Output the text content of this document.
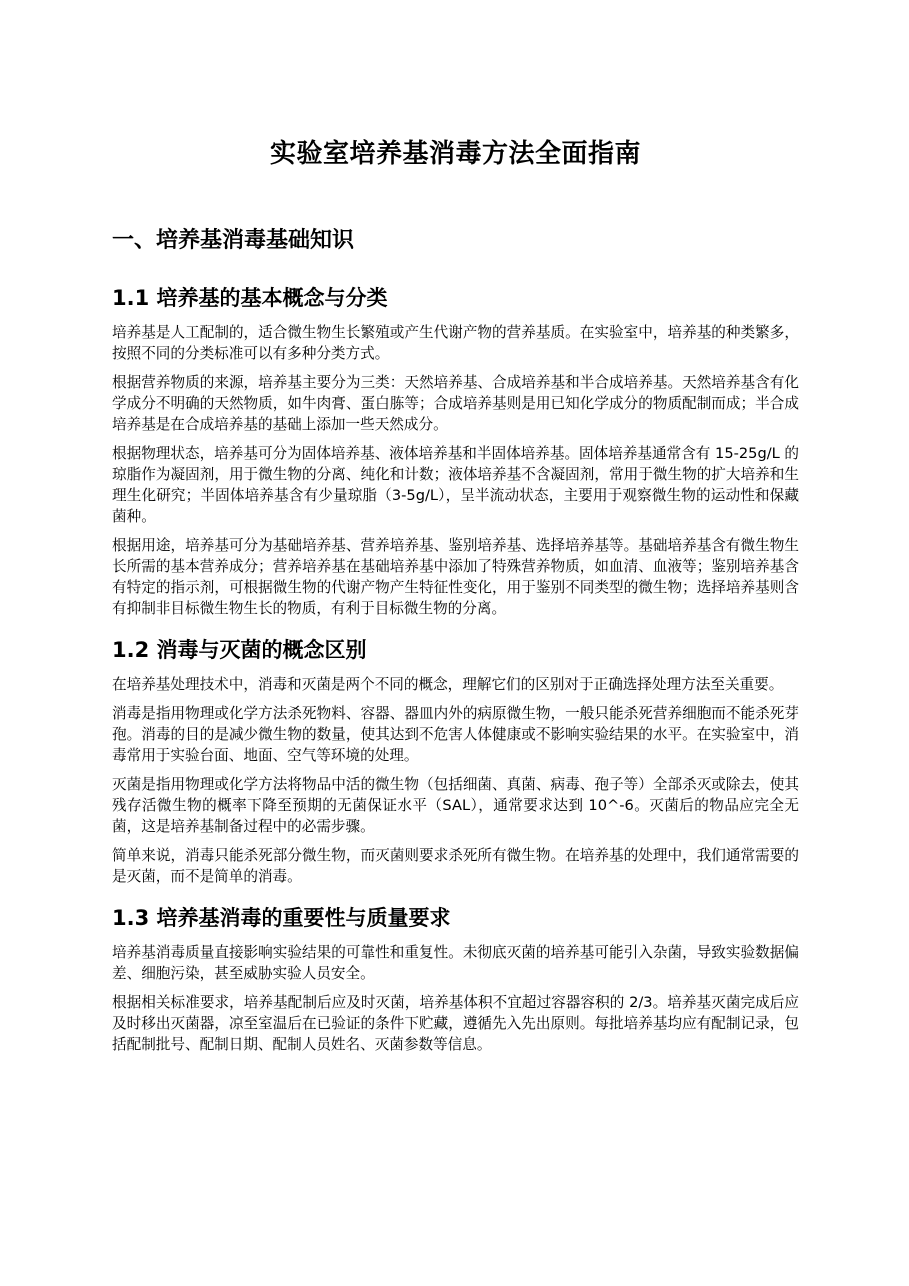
实验室培养基消毒方法全面指南
一、培养基消毒基础知识
1.1 培养基的基本概念与分类

培养基是人工配制的，适合微生物生长繁殖或产生代谢产物的营养基质。在实验室中，培养基的种类繁多，按照不同的分类标准可以有多种分类方式。

根据营养物质的来源，培养基主要分为三类：天然培养基、合成培养基和半合成培养基。天然培养基含有化学成分不明确的天然物质，如牛肉膏、蛋白胨等；合成培养基则是用已知化学成分的物质配制而成；半合成培养基是在合成培养基的基础上添加一些天然成分。

根据物理状态，培养基可分为固体培养基、液体培养基和半固体培养基。固体培养基通常含有 15-25g/L 的琼脂作为凝固剂，用于微生物的分离、纯化和计数；液体培养基不含凝固剂，常用于微生物的扩大培养和生理生化研究；半固体培养基含有少量琼脂（3-5g/L），呈半流动状态，主要用于观察微生物的运动性和保藏菌种。

根据用途，培养基可分为基础培养基、营养培养基、鉴别培养基、选择培养基等。基础培养基含有微生物生长所需的基本营养成分；营养培养基在基础培养基中添加了特殊营养物质，如血清、血液等；鉴别培养基含有特定的指示剂，可根据微生物的代谢产物产生特征性变化，用于鉴别不同类型的微生物；选择培养基则含有抑制非目标微生物生长的物质，有利于目标微生物的分离。

1.2 消毒与灭菌的概念区别

在培养基处理技术中，消毒和灭菌是两个不同的概念，理解它们的区别对于正确选择处理方法至关重要。

消毒是指用物理或化学方法杀死物料、容器、器皿内外的病原微生物，一般只能杀死营养细胞而不能杀死芽孢。消毒的目的是减少微生物的数量，使其达到不危害人体健康或不影响实验结果的水平。在实验室中，消毒常用于实验台面、地面、空气等环境的处理。

灭菌是指用物理或化学方法将物品中活的微生物（包括细菌、真菌、病毒、孢子等）全部杀灭或除去，使其残存活微生物的概率下降至预期的无菌保证水平（SAL），通常要求达到 10^-6。灭菌后的物品应完全无菌，这是培养基制备过程中的必需步骤。

简单来说，消毒只能杀死部分微生物，而灭菌则要求杀死所有微生物。在培养基的处理中，我们通常需要的是灭菌，而不是简单的消毒。

1.3 培养基消毒的重要性与质量要求

培养基消毒质量直接影响实验结果的可靠性和重复性。未彻底灭菌的培养基可能引入杂菌，导致实验数据偏差、细胞污染，甚至威胁实验人员安全。

根据相关标准要求，培养基配制后应及时灭菌，培养基体积不宜超过容器容积的 2/3。培养基灭菌完成后应及时移出灭菌器，凉至室温后在已验证的条件下贮藏，遵循先入先出原则。每批培养基均应有配制记录，包括配制批号、配制日期、配制人员姓名、灭菌参数等信息。
